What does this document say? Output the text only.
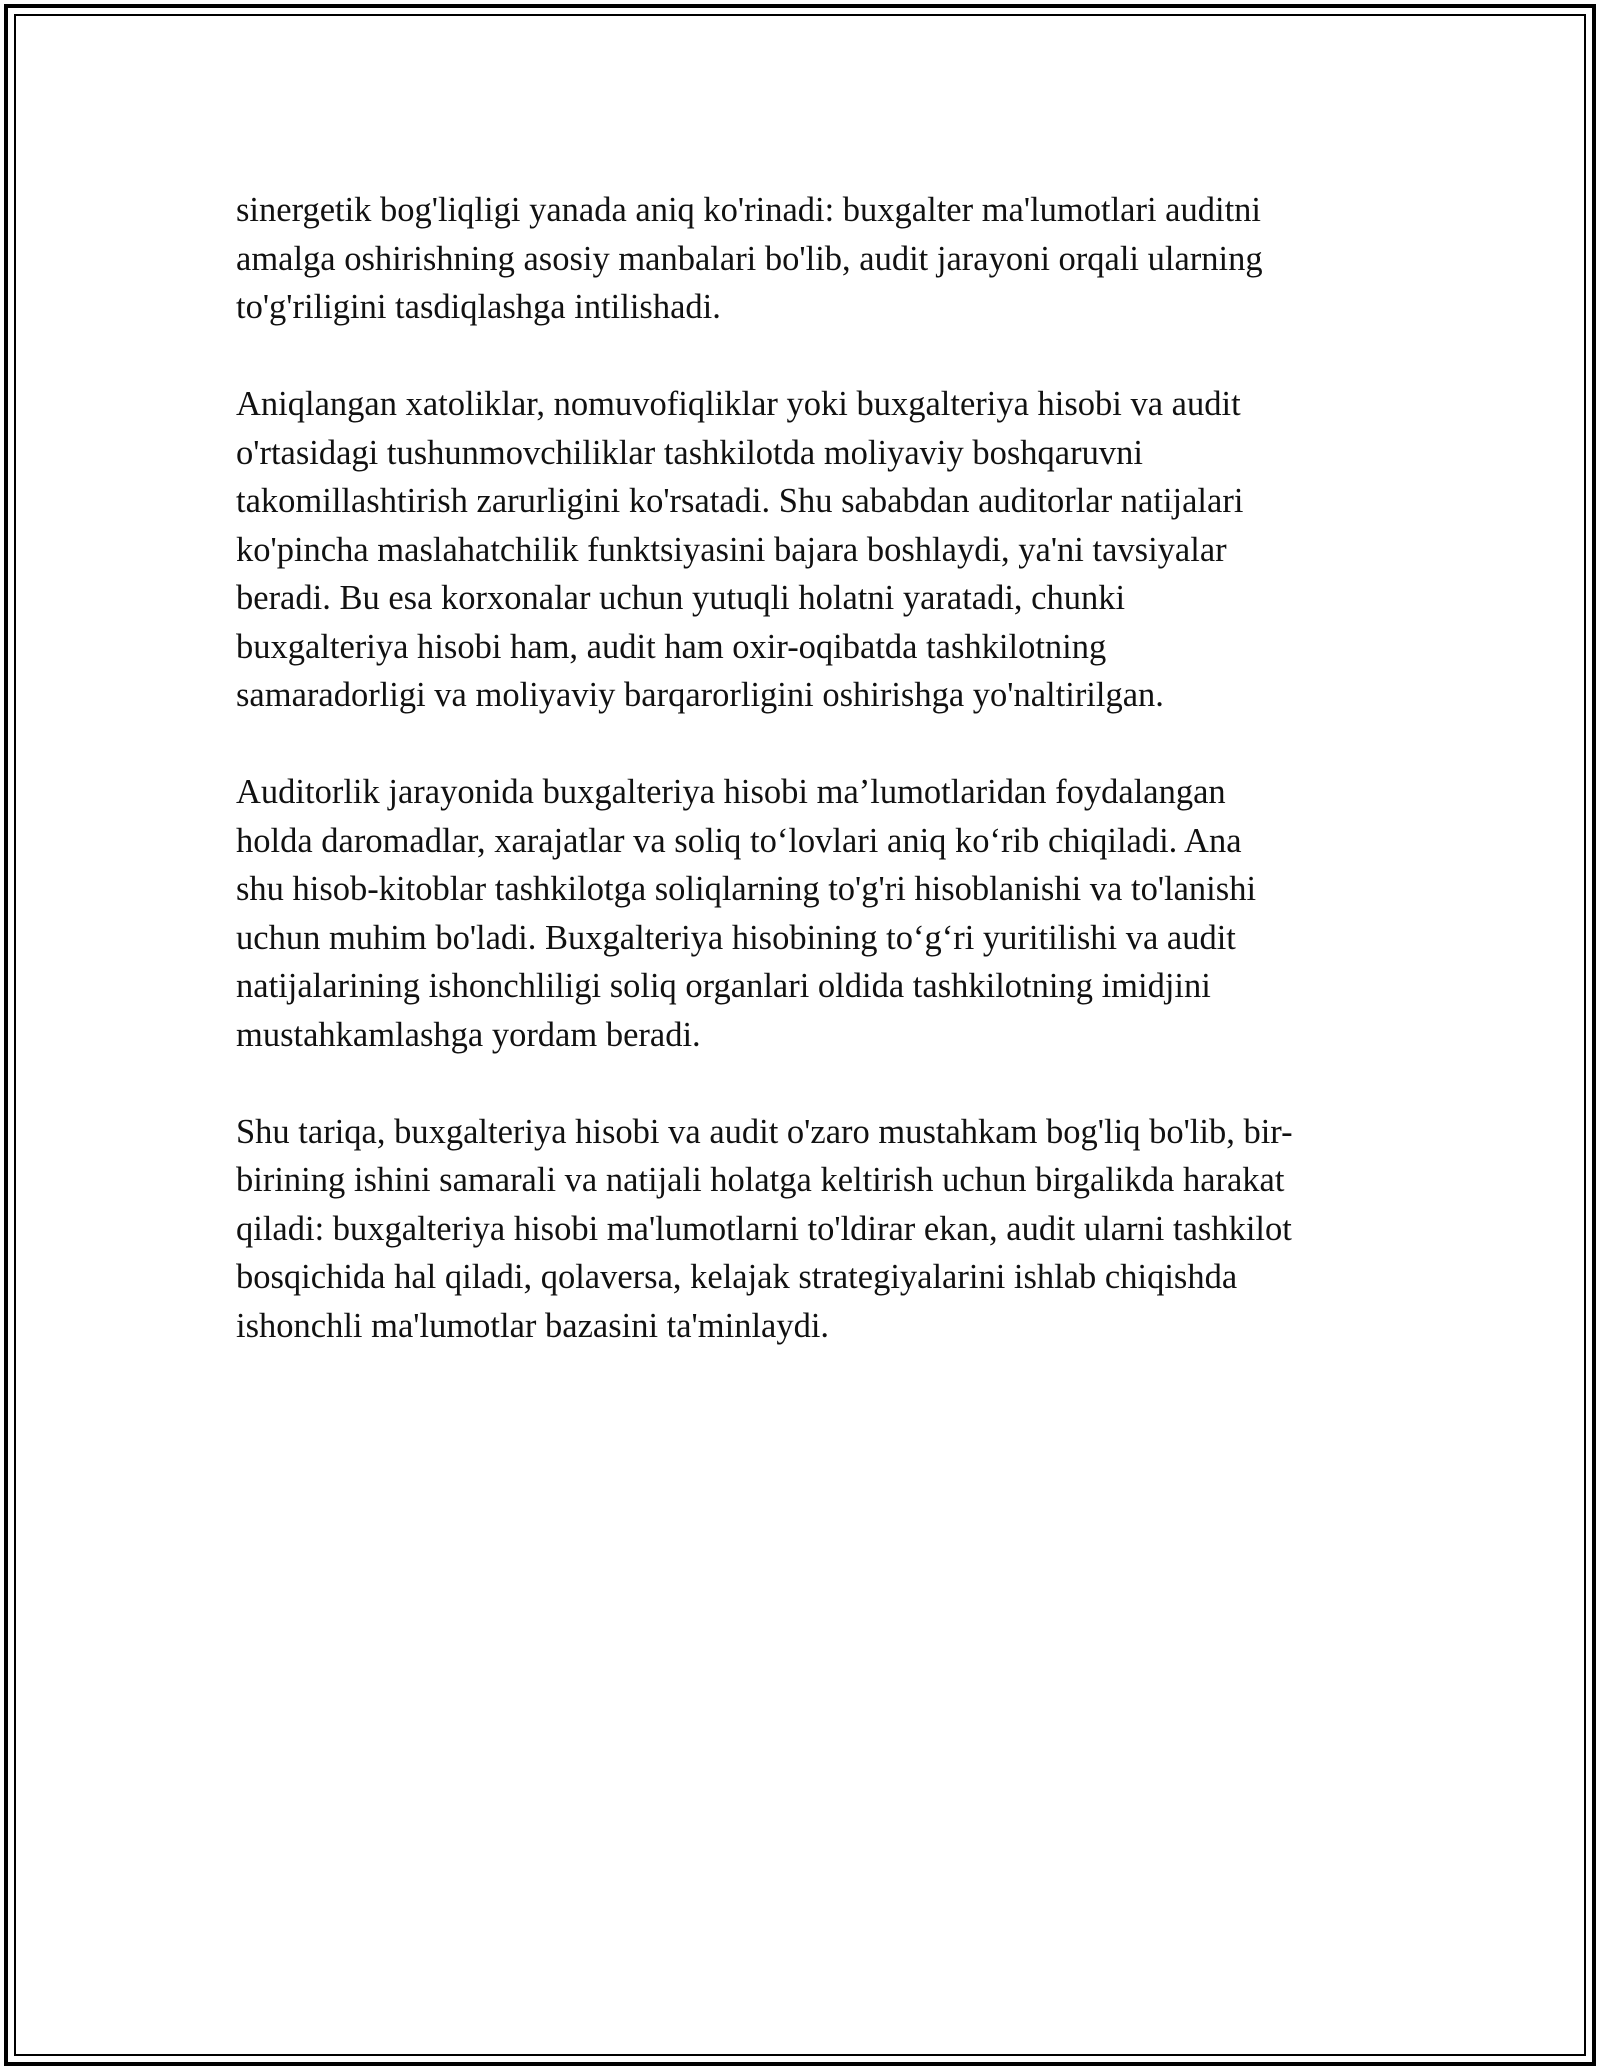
sinergetik bog'liqligi yanada aniq ko'rinadi: buxgalter ma'lumotlari auditni
amalga oshirishning asosiy manbalari bo'lib, audit jarayoni orqali ularning
to'g'riligini tasdiqlashga intilishadi.

Aniqlangan xatoliklar, nomuvofiqliklar yoki buxgalteriya hisobi va audit
o'rtasidagi tushunmovchiliklar tashkilotda moliyaviy boshqaruvni
takomillashtirish zarurligini ko'rsatadi. Shu sababdan auditorlar natijalari
ko'pincha maslahatchilik funktsiyasini bajara boshlaydi, ya'ni tavsiyalar
beradi. Bu esa korxonalar uchun yutuqli holatni yaratadi, chunki
buxgalteriya hisobi ham, audit ham oxir-oqibatda tashkilotning
samaradorligi va moliyaviy barqarorligini oshirishga yo'naltirilgan.

Auditorlik jarayonida buxgalteriya hisobi ma’lumotlaridan foydalangan
holda daromadlar, xarajatlar va soliq to‘lovlari aniq ko‘rib chiqiladi. Ana
shu hisob-kitoblar tashkilotga soliqlarning to'g'ri hisoblanishi va to'lanishi
uchun muhim bo'ladi. Buxgalteriya hisobining to‘g‘ri yuritilishi va audit
natijalarining ishonchliligi soliq organlari oldida tashkilotning imidjini
mustahkamlashga yordam beradi.

Shu tariqa, buxgalteriya hisobi va audit o'zaro mustahkam bog'liq bo'lib, bir-
birining ishini samarali va natijali holatga keltirish uchun birgalikda harakat
qiladi: buxgalteriya hisobi ma'lumotlarni to'ldirar ekan, audit ularni tashkilot
bosqichida hal qiladi, qolaversa, kelajak strategiyalarini ishlab chiqishda
ishonchli ma'lumotlar bazasini ta'minlaydi.
